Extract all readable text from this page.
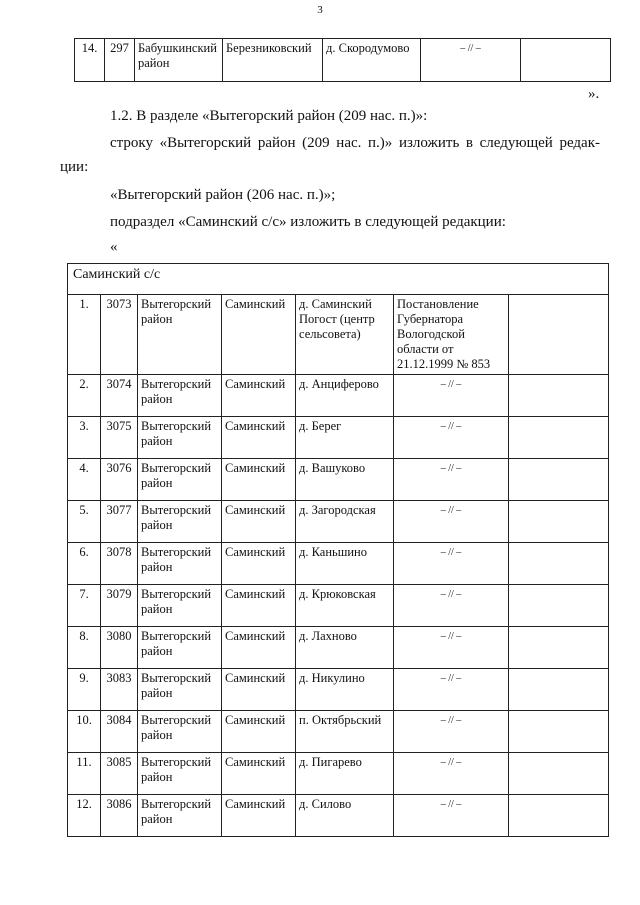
3
14.	297	Бабушкинский район	Березниковский	д. Скородумово	– // –	
».
1.2. В разделе «Вытегорский район (209 нас. п.)»:
строку «Вытегорский район (209 нас. п.)» изложить в следующей редак-
ции:
«Вытегорский район (206 нас. п.)»;
подраздел «Саминский с/с» изложить в следующей редакции:
«
Саминский с/с						
1.	3073	Вытегорский район	Саминский	д. Саминский Погост (центр сельсовета)	Постановление Губернатора Вологодской области от 21.12.1999 № 853	
2.	3074	Вытегорский район	Саминский	д. Анциферово	– // –	
3.	3075	Вытегорский район	Саминский	д. Берег	– // –	
4.	3076	Вытегорский район	Саминский	д. Вашуково	– // –	
5.	3077	Вытегорский район	Саминский	д. Загородская	– // –	
6.	3078	Вытегорский район	Саминский	д. Каньшино	– // –	
7.	3079	Вытегорский район	Саминский	д. Крюковская	– // –	
8.	3080	Вытегорский район	Саминский	д. Лахново	– // –	
9.	3083	Вытегорский район	Саминский	д. Никулино	– // –	
10.	3084	Вытегорский район	Саминский	п. Октябрьский	– // –	
11.	3085	Вытегорский район	Саминский	д. Пигарево	– // –	
12.	3086	Вытегорский район	Саминский	д. Силово	– // –	
